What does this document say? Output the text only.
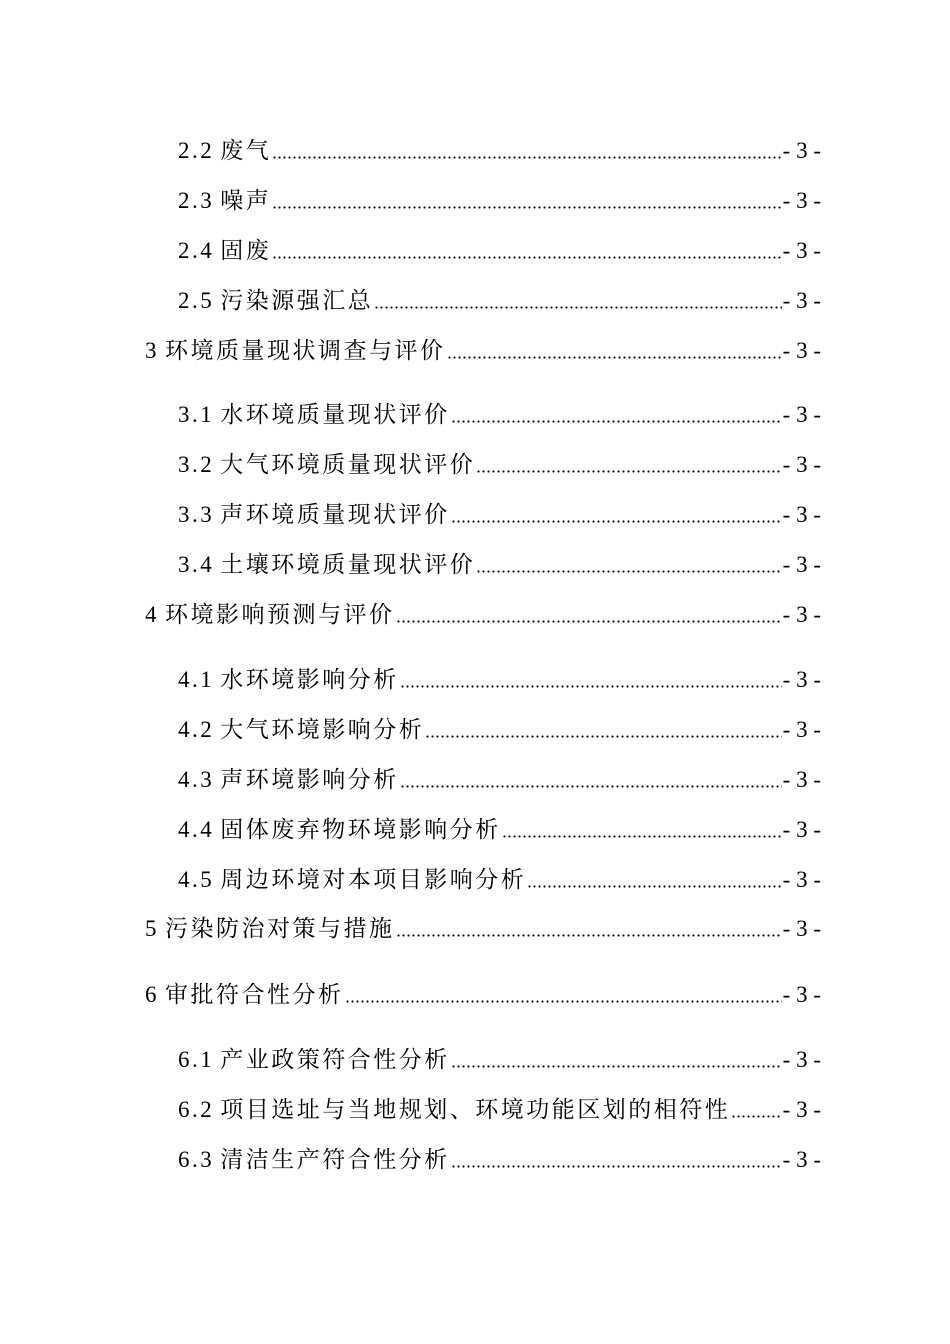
2.2 废气	- 3 -
2.3 噪声	- 3 -
2.4 固废	- 3 -
2.5 污染源强汇总	- 3 -
3 环境质量现状调查与评价	- 3 -
3.1 水环境质量现状评价	- 3 -
3.2 大气环境质量现状评价	- 3 -
3.3 声环境质量现状评价	- 3 -
3.4 土壤环境质量现状评价	- 3 -
4 环境影响预测与评价	- 3 -
4.1 水环境影响分析	- 3 -
4.2 大气环境影响分析	- 3 -
4.3 声环境影响分析	- 3 -
4.4 固体废弃物环境影响分析	- 3 -
4.5 周边环境对本项目影响分析	- 3 -
5 污染防治对策与措施	- 3 -
6 审批符合性分析	- 3 -
6.1 产业政策符合性分析	- 3 -
6.2 项目选址与当地规划、环境功能区划的相符性 - 3 -
6.3 清洁生产符合性分析	- 3 -
